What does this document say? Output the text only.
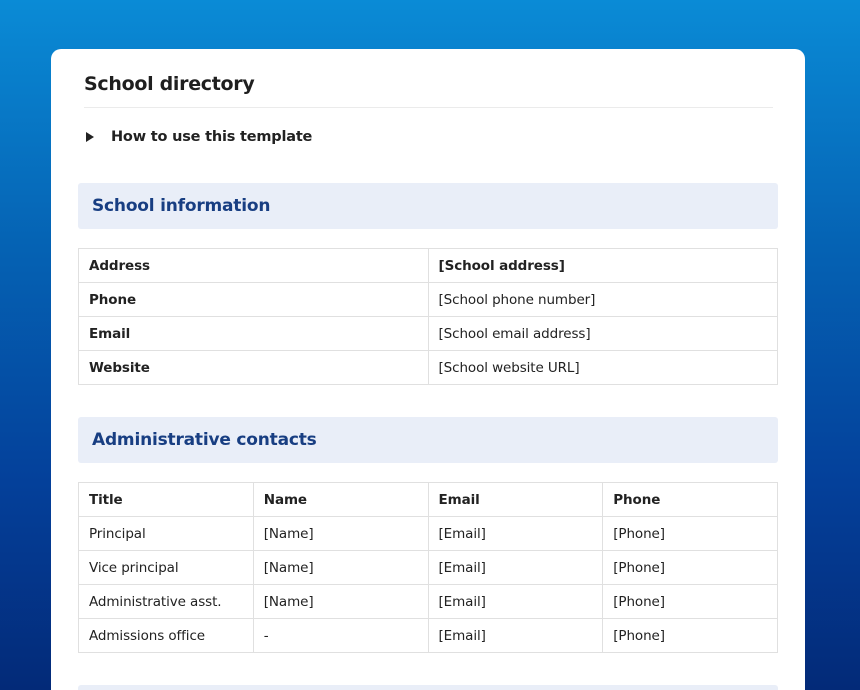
School directory
How to use this template
School information
Address	[School address]
Phone	[School phone number]
Email	[School email address]
Website	[School website URL]
Administrative contacts
Title	Name	Email	Phone
Principal	[Name]	[Email]	[Phone]
Vice principal	[Name]	[Email]	[Phone]
Administrative asst.	[Name]	[Email]	[Phone]
Admissions office	-	[Email]	[Phone]
